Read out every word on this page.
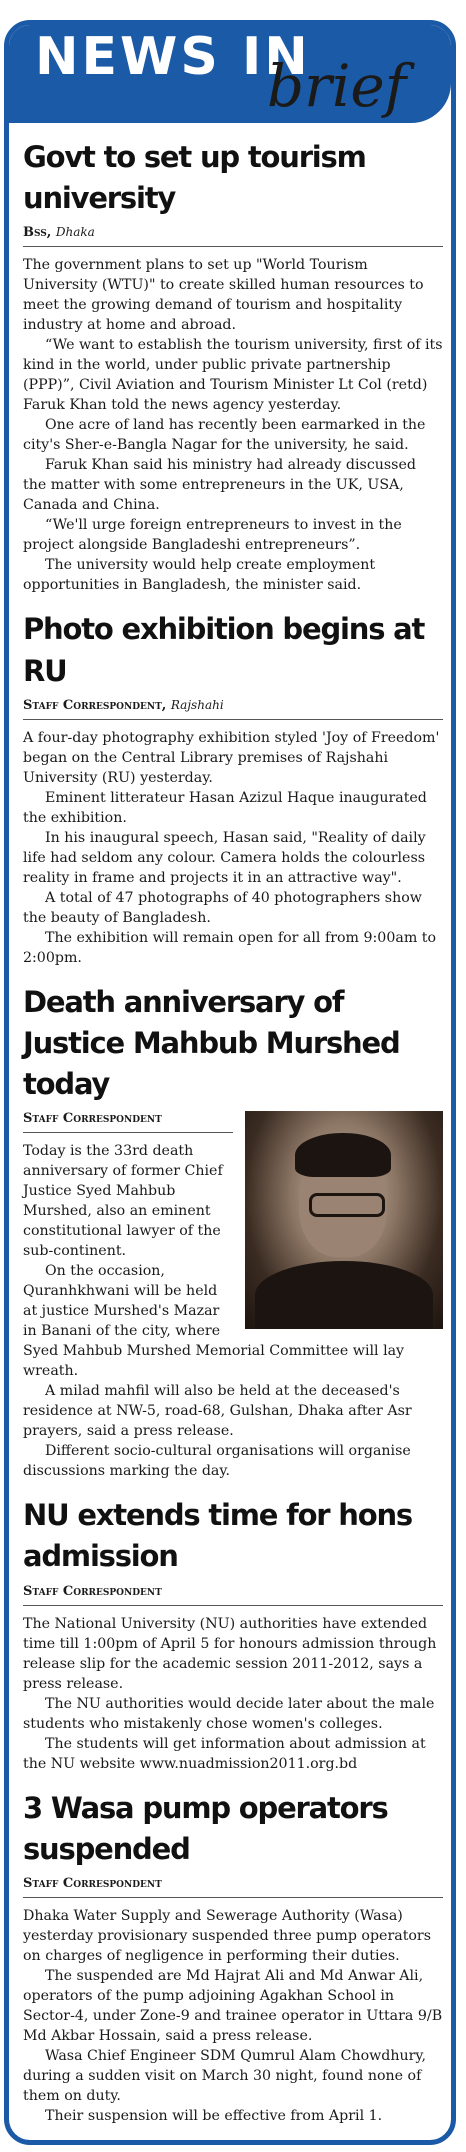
NEWS IN
brief
Govt to set up tourism university
Bss, Dhaka

The government plans to set up "World Tourism University (WTU)" to create skilled human resources to meet the growing demand of tourism and hospitality industry at home and abroad.

“We want to establish the tourism university, first of its kind in the world, under public private partnership (PPP)”, Civil Aviation and Tourism Minister Lt Col (retd) Faruk Khan told the news agency yesterday.

One acre of land has recently been earmarked in the city's Sher-e-Bangla Nagar for the university, he said.

Faruk Khan said his ministry had already discussed the matter with some entrepreneurs in the UK, USA, Canada and China.

“We'll urge foreign entrepreneurs to invest in the project alongside Bangladeshi entrepreneurs”.

The university would help create employment opportunities in Bangladesh, the minister said.

Photo exhibition begins at RU
Staff Correspondent, Rajshahi

A four-day photography exhibition styled 'Joy of Freedom' began on the Central Library premises of Rajshahi University (RU) yesterday.

Eminent litterateur Hasan Azizul Haque inaugurated the exhibition.

In his inaugural speech, Hasan said, "Reality of daily life had seldom any colour. Camera holds the colourless reality in frame and projects it in an attractive way".

A total of 47 photographs of 40 photographers show the beauty of Bangladesh.

The exhibition will remain open for all from 9:00am to 2:00pm.

Death anniversary of Justice Mahbub Murshed today
Staff Correspondent

Today is the 33rd death anniversary of former Chief Justice Syed Mahbub Murshed, also an eminent constitutional lawyer of the sub-continent.

On the occasion, Quranhkhwani will be held at justice Murshed's Mazar in Banani of the city, where Syed Mahbub Murshed Memorial Committee will lay wreath.

A milad mahfil will also be held at the deceased's residence at NW-5, road-68, Gulshan, Dhaka after Asr prayers, said a press release.

Different socio-cultural organisations will organise discussions marking the day.

NU extends time for hons admission
Staff Correspondent

The National University (NU) authorities have extended time till 1:00pm of April 5 for honours admission through release slip for the academic session 2011-2012, says a press release.

The NU authorities would decide later about the male students who mistakenly chose women's colleges.

The students will get information about admission at the NU website www.nuadmission2011.org.bd

3 Wasa pump operators suspended
Staff Correspondent

Dhaka Water Supply and Sewerage Authority (Wasa) yesterday provisionary suspended three pump operators on charges of negligence in performing their duties.

The suspended are Md Hajrat Ali and Md Anwar Ali, operators of the pump adjoining Agakhan School in Sector-4, under Zone-9 and trainee operator in Uttara 9/B Md Akbar Hossain, said a press release.

Wasa Chief Engineer SDM Qumrul Alam Chowdhury, during a sudden visit on March 30 night, found none of them on duty.

Their suspension will be effective from April 1.
